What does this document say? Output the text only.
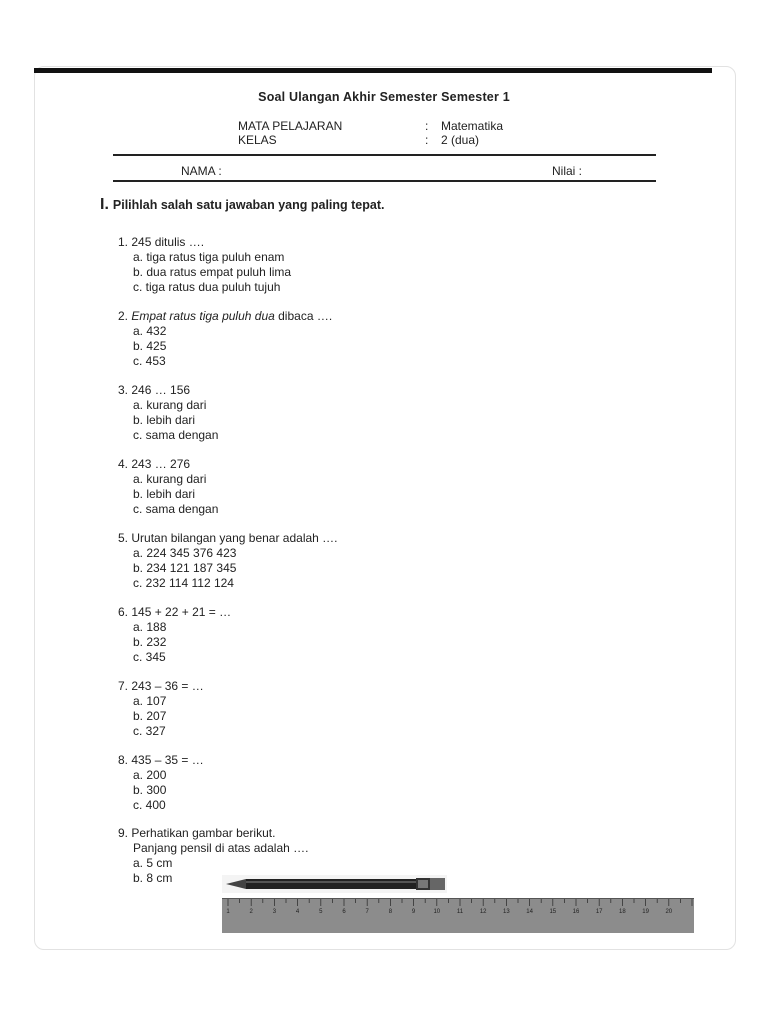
Soal Ulangan Akhir Semester Semester 1
MATA PELAJARAN	: Matematika
KELAS	: 2 (dua)
NAMA :	Nilai :
I. Pilihlah salah satu jawaban yang paling tepat.
1. 245 ditulis ….
a. tiga ratus tiga puluh enam
b. dua ratus empat puluh lima
c. tiga ratus dua puluh tujuh
2. Empat ratus tiga puluh dua dibaca ….
a. 432
b. 425
c. 453
3. 246 … 156
a. kurang dari
b. lebih dari
c. sama dengan
4. 243 … 276
a. kurang dari
b. lebih dari
c. sama dengan
5. Urutan bilangan yang benar adalah ….
a. 224 345 376 423
b. 234 121 187 345
c. 232 114 112 124
6. 145 + 22 + 21 = …
a. 188
b. 232
c. 345
7. 243 – 36 = …
a. 107
b. 207
c. 327
8. 435 – 35 = …
a. 200
b. 300
c. 400
9. Perhatikan gambar berikut.
Panjang pensil di atas adalah ….
a. 5 cm
b. 8 cm
1	2	3	4	5	6	7	8	9	10	11	12	13	14	15	16	17	18	19	20
